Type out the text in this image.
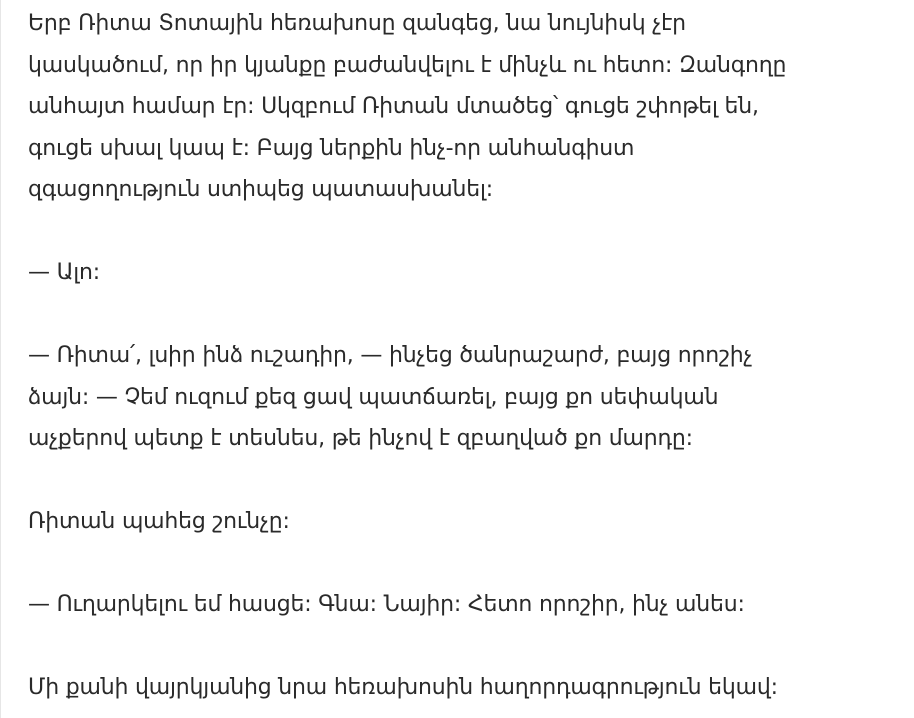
Երբ Ռիտա Տոտային հեռախոսը զանգեց, նա նույնիսկ չէր
կասկածում, որ իր կյանքը բաժանվելու է մինչև ու հետո: Զանգողը
անհայտ համար էր: Սկզբում Ռիտան մտածեց՝ գուցե շփոթել են,
գուցե սխալ կապ է: Բայց ներքին ինչ-որ անհանգիստ
զգացողություն ստիպեց պատասխանել:

— Ալո:

— Ռիտա՛, լսիր ինձ ուշադիր, — ինչեց ծանրաշարժ, բայց որոշիչ
ձայն: — Չեմ ուզում քեզ ցավ պատճառել, բայց քո սեփական
աչքերով պետք է տեսնես, թե ինչով է զբաղված քո մարդը:

Ռիտան պահեց շունչը:

— Ուղարկելու եմ հասցե: Գնա: Նայիր: Հետո որոշիր, ինչ անես:

Մի քանի վայրկյանից նրա հեռախոսին հաղորդագրություն եկավ:
